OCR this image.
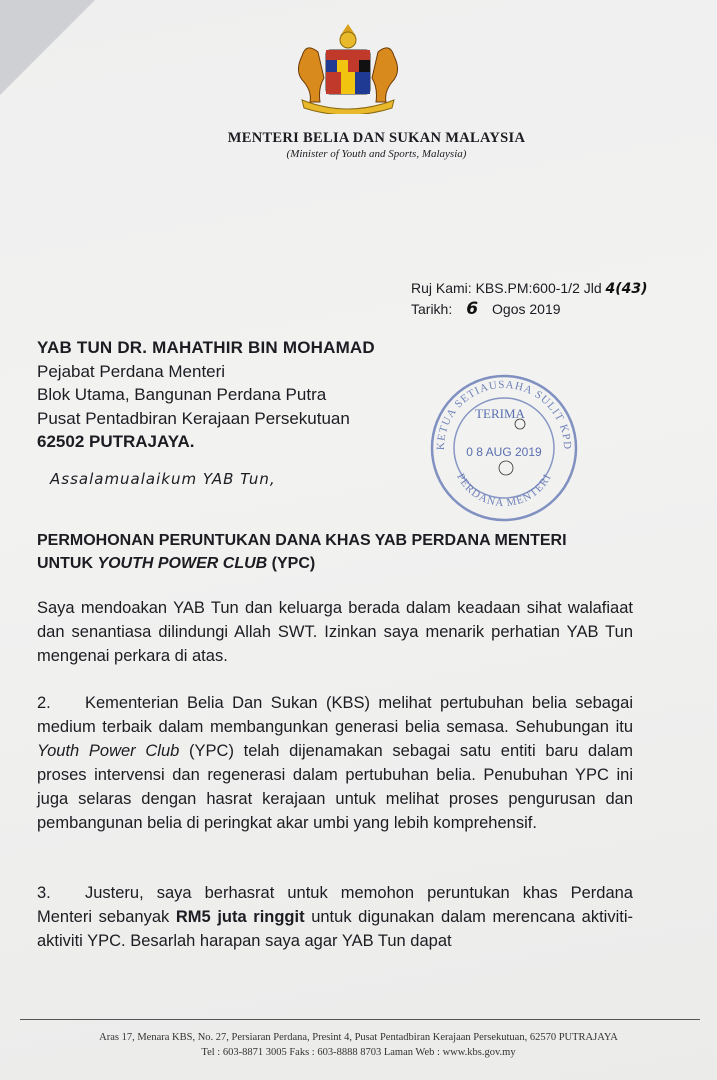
MENTERI BELIA DAN SUKAN MALAYSIA
(Minister of Youth and Sports, Malaysia)
Ruj Kami: KBS.PM:600-1/2 Jld 4(43)
Tarikh: 6 Ogos 2019
YAB TUN DR. MAHATHIR BIN MOHAMAD
Pejabat Perdana Menteri
Blok Utama, Bangunan Perdana Putra
Pusat Pentadbiran Kerajaan Persekutuan
62502 PUTRAJAYA.	KETUA SETIAUSAHA SULIT KPD
PERDANA MENTERI
TERIMA
0 8 AUG 2019
Assalamualaikum YAB Tun,
PERMOHONAN PERUNTUKAN DANA KHAS YAB PERDANA MENTERI
UNTUK YOUTH POWER CLUB (YPC)
Saya mendoakan YAB Tun dan keluarga berada dalam keadaan sihat walafiaat dan senantiasa dilindungi Allah SWT. Izinkan saya menarik perhatian YAB Tun mengenai perkara di atas.
2. Kementerian Belia Dan Sukan (KBS) melihat pertubuhan belia sebagai medium terbaik dalam membangunkan generasi belia semasa. Sehubungan itu Youth Power Club (YPC) telah dijenamakan sebagai satu entiti baru dalam proses intervensi dan regenerasi dalam pertubuhan belia. Penubuhan YPC ini juga selaras dengan hasrat kerajaan untuk melihat proses pengurusan dan pembangunan belia di peringkat akar umbi yang lebih komprehensif.
3. Justeru, saya berhasrat untuk memohon peruntukan khas Perdana Menteri sebanyak RM5 juta ringgit untuk digunakan dalam merencana aktiviti-aktiviti YPC. Besarlah harapan saya agar YAB Tun dapat
Aras 17, Menara KBS, No. 27, Persiaran Perdana, Presint 4, Pusat Pentadbiran Kerajaan Persekutuan, 62570 PUTRAJAYA
Tel : 603-8871 3005 Faks : 603-8888 8703 Laman Web : www.kbs.gov.my
